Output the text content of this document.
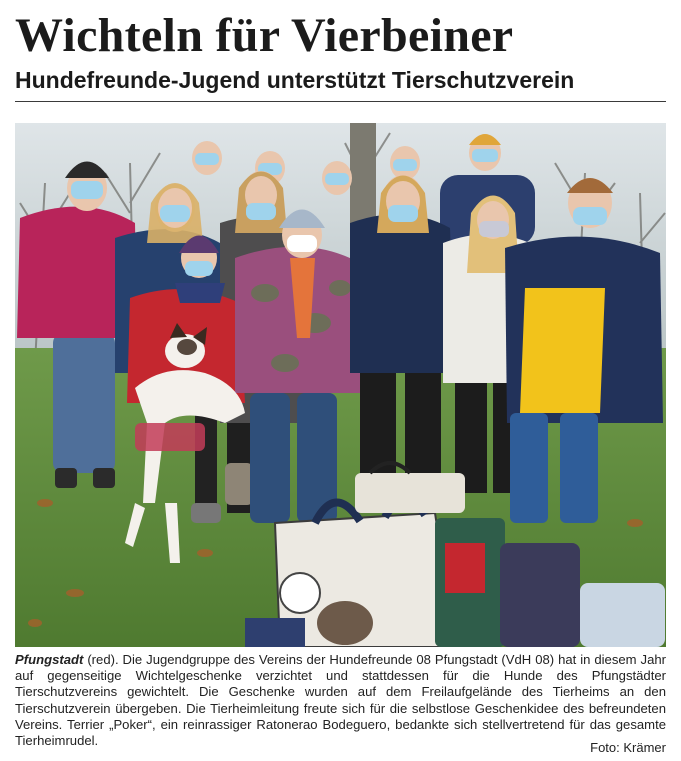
Wichteln für Vierbeiner
Hundefreunde-Jugend unterstützt Tierschutzverein
Pfungstadt (red). Die Jugendgruppe des Vereins der Hundefreunde 08 Pfungstadt (VdH 08) hat in diesem Jahr auf gegenseitige Wichtelgeschenke verzichtet und stattdessen für die Hunde des Pfungstädter Tierschutzvereins gewichtelt. Die Geschenke wurden auf dem Freilaufgelände des Tierheims an den Tierschutzverein übergeben. Die Tierheimleitung freute sich für die selbstlose Geschenkidee des befreundeten Vereins. Terrier „Poker“, ein reinrassiger Ratonerao Bodeguero, bedankte sich stellvertretend für das gesamte Tierheimrudel.	Foto: Krämer
